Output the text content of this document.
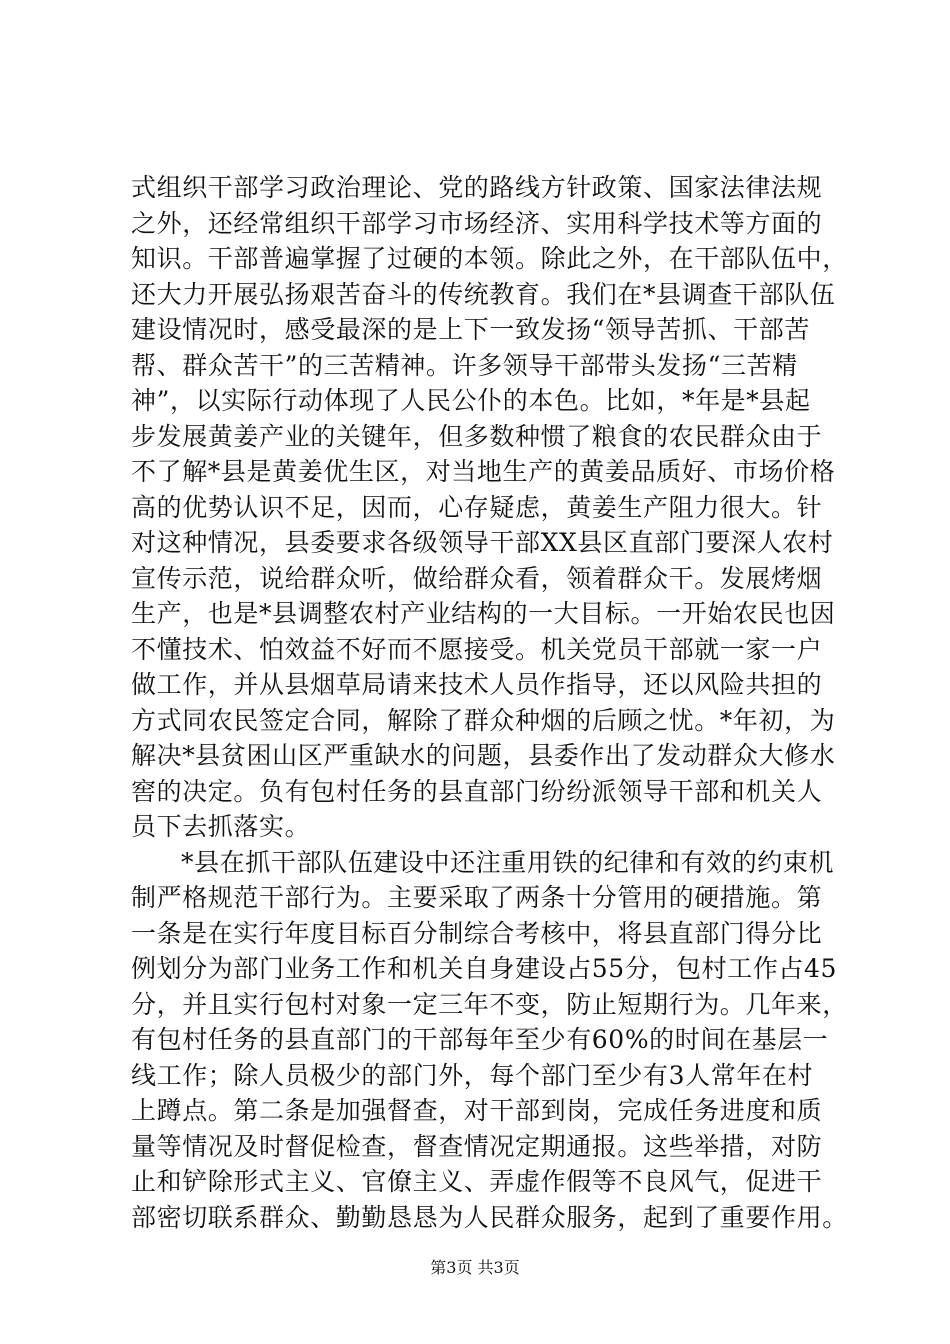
式组织干部学习政治理论、党的路线方针政策、国家法律法规
之外，还经常组织干部学习市场经济、实用科学技术等方面的
知识。干部普遍掌握了过硬的本领。除此之外，在干部队伍中，
还大力开展弘扬艰苦奋斗的传统教育。我们在*县调查干部队伍
建设情况时，感受最深的是上下一致发扬“领导苦抓、干部苦
帮、群众苦干”的三苦精神。许多领导干部带头发扬“三苦精
神”，以实际行动体现了人民公仆的本色。比如，*年是*县起
步发展黄姜产业的关键年，但多数种惯了粮食的农民群众由于
不了解*县是黄姜优生区，对当地生产的黄姜品质好、市场价格
高的优势认识不足，因而，心存疑虑，黄姜生产阻力很大。针
对这种情况，县委要求各级领导干部XX县区直部门要深人农村
宣传示范，说给群众听，做给群众看，领着群众干。发展烤烟
生产，也是*县调整农村产业结构的一大目标。一开始农民也因
不懂技术、怕效益不好而不愿接受。机关党员干部就一家一户
做工作，并从县烟草局请来技术人员作指导，还以风险共担的
方式同农民签定合同，解除了群众种烟的后顾之忧。*年初，为
解决*县贫困山区严重缺水的问题，县委作出了发动群众大修水
窖的决定。负有包村任务的县直部门纷纷派领导干部和机关人
员下去抓落实。
*县在抓干部队伍建设中还注重用铁的纪律和有效的约束机
制严格规范干部行为。主要采取了两条十分管用的硬措施。第
一条是在实行年度目标百分制综合考核中，将县直部门得分比
例划分为部门业务工作和机关自身建设占55分，包村工作占45
分，并且实行包村对象一定三年不变，防止短期行为。几年来，
有包村任务的县直部门的干部每年至少有60%的时间在基层一
线工作；除人员极少的部门外，每个部门至少有3人常年在村
上蹲点。第二条是加强督查，对干部到岗，完成任务进度和质
量等情况及时督促检查，督查情况定期通报。这些举措，对防
止和铲除形式主义、官僚主义、弄虚作假等不良风气，促进干
部密切联系群众、勤勤恳恳为人民群众服务，起到了重要作用。
第3页 共3页
